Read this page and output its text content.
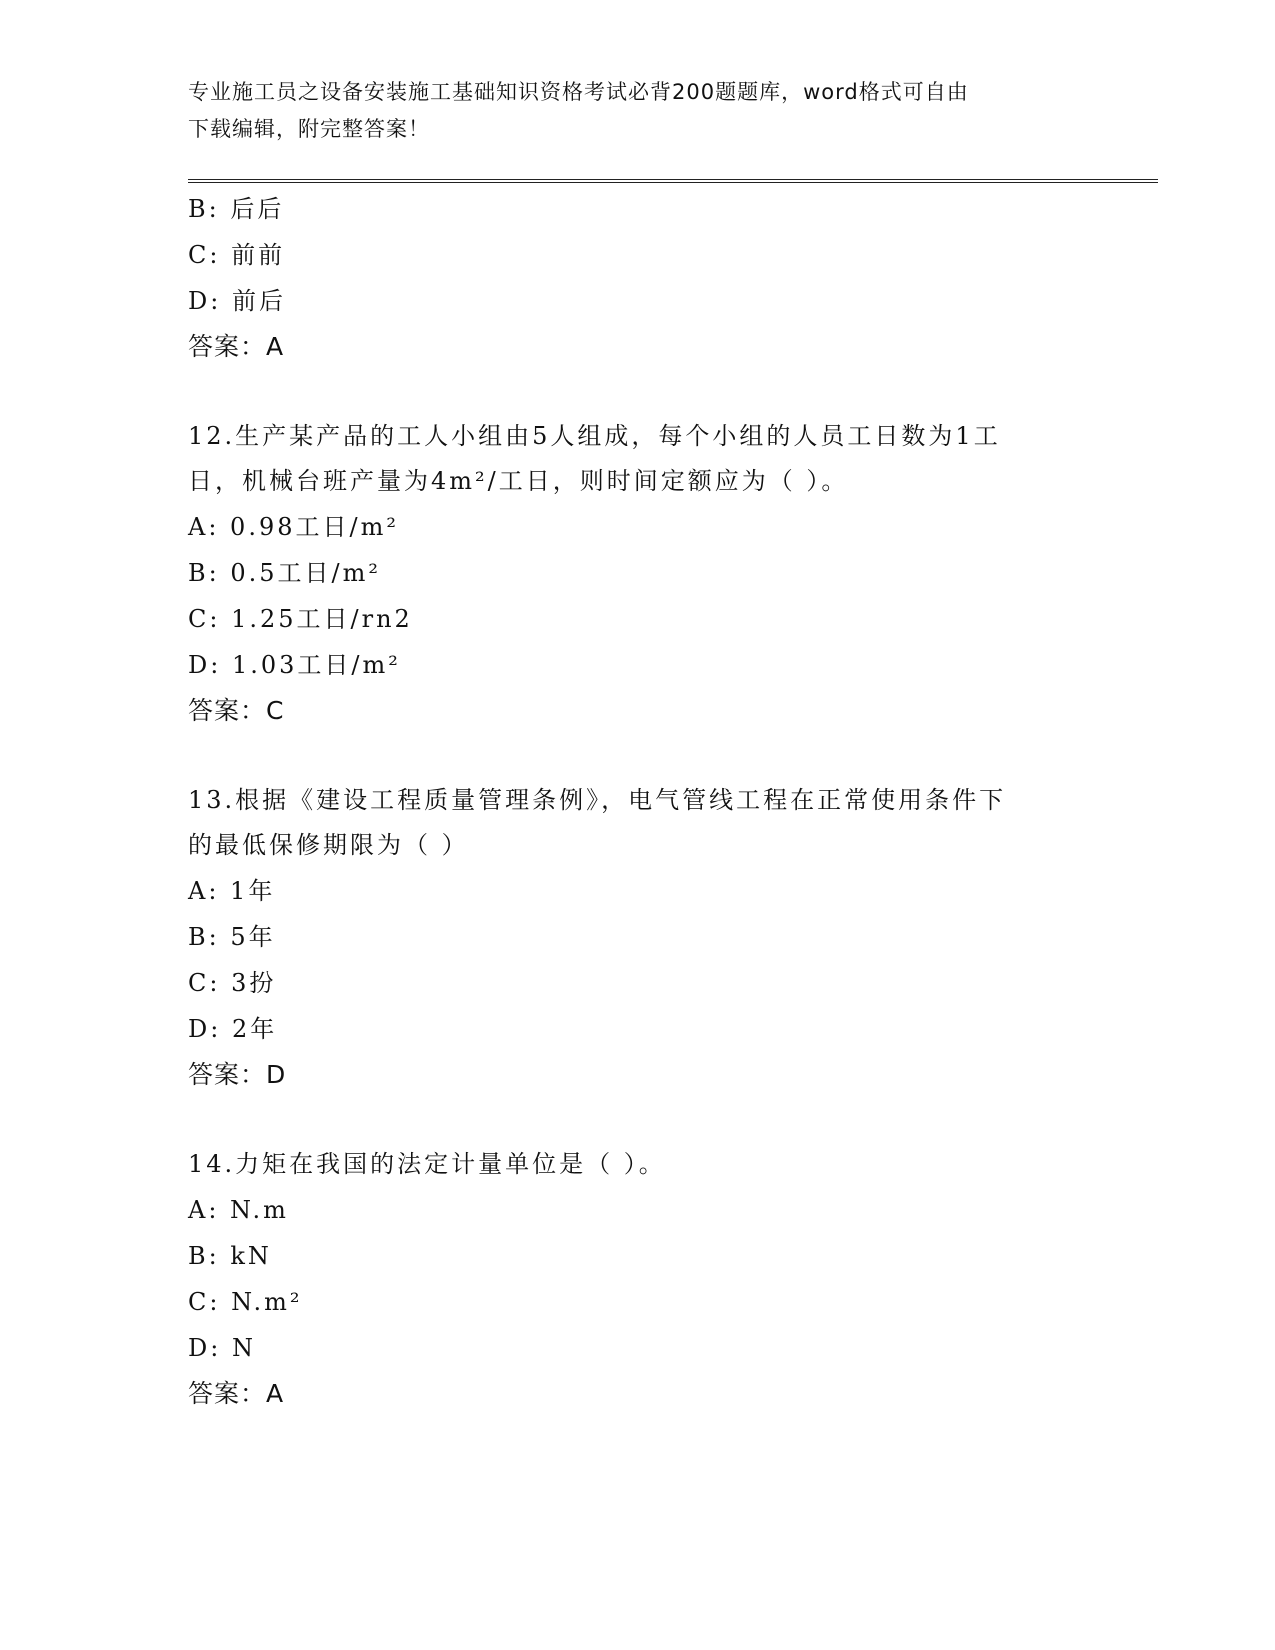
专业施工员之设备安装施工基础知识资格考试必背200题题库，word格式可自由
下载编辑，附完整答案！
B: 后后
C: 前前
D: 前后
答案：A
12.生产某产品的工人小组由5人组成，每个小组的人员工日数为1工
日，机械台班产量为4m²/工日，则时间定额应为（ ）。
A: 0.98工日/m²
B: 0.5工日/m²
C: 1.25工日/rn2
D: 1.03工日/m²
答案：C
13.根据《建设工程质量管理条例》，电气管线工程在正常使用条件下
的最低保修期限为（ ）
A: 1年
B: 5年
C: 3扮
D: 2年
答案：D
14.力矩在我国的法定计量单位是（ ）。
A: N.m
B: kN
C: N.m²
D: N
答案：A
